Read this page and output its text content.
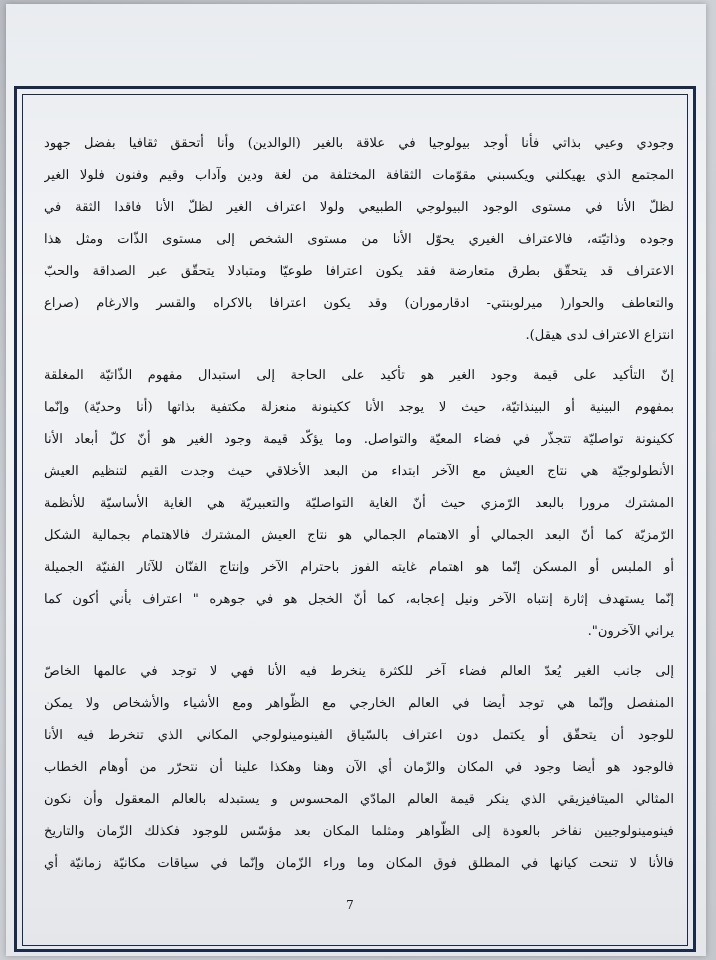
وجودي وعيي بذاتي فأنا أوجد بيولوجيا في علاقة بالغير (الوالدين) وأنا أتحقق ثقافيا بفضل جهود
المجتمع الذي يهيكلني ويكسبني مقوّمات الثقافة المختلفة من لغة ودين وآداب وقيم وفنون فلولا الغير
لظلّ الأنا في مستوى الوجود البيولوجي الطبيعي ولولا اعتراف الغير لظلّ الأنا فاقدا الثقة في
وجوده وذاتيّته، فالاعتراف الغيري يحوّل الأنا من مستوى الشخص إلى مستوى الذّات ومثل هذا
الاعتراف قد يتحقّق بطرق متعارضة فقد يكون اعترافا طوعيّا ومتبادلا يتحقّق عبر الصداقة والحبّ
والتعاطف والحوار( ميرلوبنتي- ادقارموران) وقد يكون اعترافا بالاكراه والقسر والارغام (صراع
انتزاع الاعتراف لدى هيقل).
إنّ التأكيد على قيمة وجود الغير هو تأكيد على الحاجة إلى استبدال مفهوم الذّاتيّة المغلقة
بمفهوم البينية أو البينذاتيّة، حيث لا يوجد الأنا ككينونة منعزلة مكتفية بذاتها (أنا وحديّة) وإنّما
ككينونة تواصليّة تتجذّر في فضاء المعيّة والتواصل. وما يؤكّد قيمة وجود الغير هو أنّ كلّ أبعاد الأنا
الأنطولوجيّة هي نتاج العيش مع الآخر ابتداء من البعد الأخلاقي حيث وجدت القيم لتنظيم العيش
المشترك مرورا بالبعد الرّمزي حيث أنّ الغاية التواصليّة والتعبيريّة هي الغاية الأساسيّة للأنظمة
الرّمزيّة كما أنّ البعد الجمالي أو الاهتمام الجمالي هو نتاج العيش المشترك فالاهتمام بجمالية الشكل
أو الملبس أو المسكن إنّما هو اهتمام غايته الفوز باحترام الآخر وإنتاج الفنّان للآثار الفنيّة الجميلة
إنّما يستهدف إثارة إنتباه الآخر ونيل إعجابه، كما أنّ الخجل هو في جوهره " اعتراف بأني أكون كما
يراني الآخرون".
إلى جانب الغير يُعدّ العالم فضاء آخر للكثرة ينخرط فيه الأنا فهي لا توجد في عالمها الخاصّ
المنفصل وإنّما هي توجد أيضا في العالم الخارجي مع الظّواهر ومع الأشياء والأشخاص ولا يمكن
للوجود أن يتحقّق أو يكتمل دون اعتراف بالسّياق الفينومينولوجي المكاني الذي تنخرط فيه الأنا
فالوجود هو أيضا وجود في المكان والزّمان أي الآن وهنا وهكذا علينا أن نتحرّر من أوهام الخطاب
المثالي الميتافيزيقي الذي ينكر قيمة العالم المادّي المحسوس و يستبدله بالعالم المعقول وأن نكون
فينومينولوجيين نفاخر بالعودة إلى الظّواهر ومثلما المكان بعد مؤسّس للوجود فكذلك الزّمان والتاريخ
فالأنا لا تنحت كيانها في المطلق فوق المكان وما وراء الزّمان وإنّما في سياقات مكانيّة زمانيّة أي
7
